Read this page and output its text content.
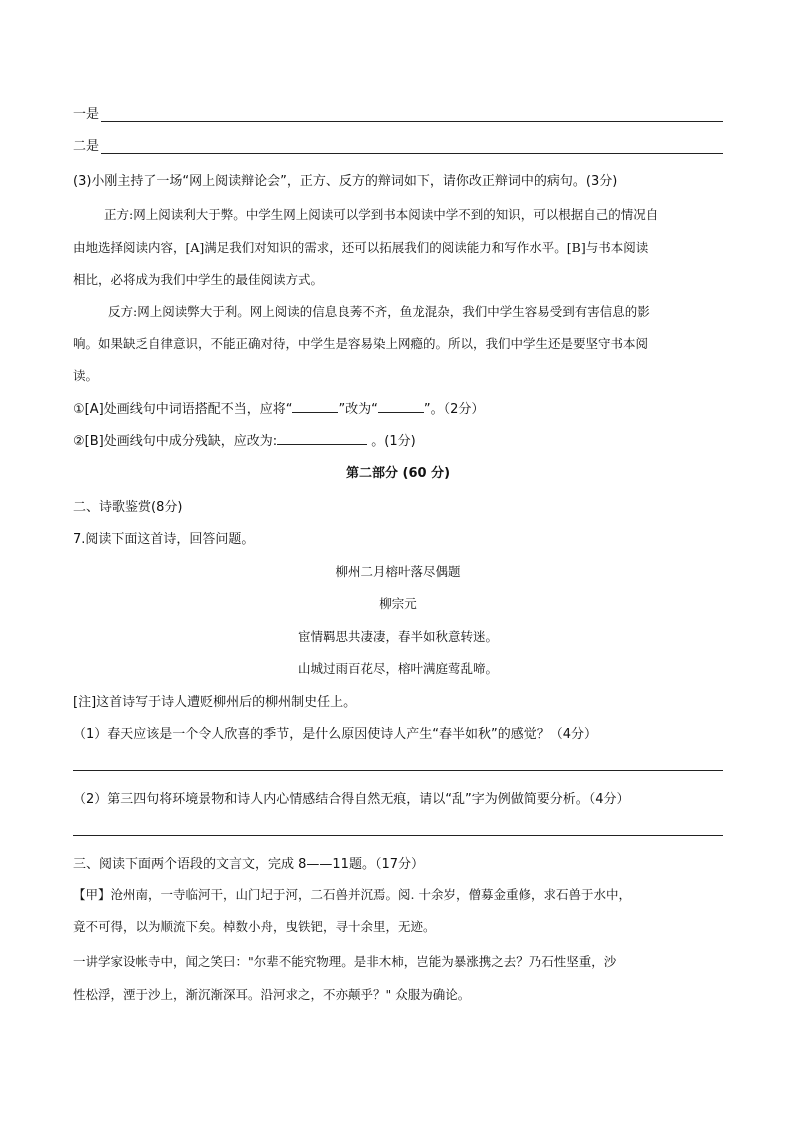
一是
二是
(3)小刚主持了一场“网上阅读辩论会”，正方、反方的辩词如下，请你改正辩词中的病句。(3分)
正方:网上阅读利大于弊。中学生网上阅读可以学到书本阅读中学不到的知识，可以根据自己的情况自
由地选择阅读内容，[A]满足我们对知识的需求，还可以拓展我们的阅读能力和写作水平。[B]与书本阅读
相比，必将成为我们中学生的最佳阅读方式。
反方:网上阅读弊大于利。网上阅读的信息良莠不齐，鱼龙混杂，我们中学生容易受到有害信息的影
响。如果缺乏自律意识，不能正确对待，中学生是容易染上网瘾的。所以，我们中学生还是要坚守书本阅
读。
①[A]处画线句中词语搭配不当，应将“	”改为“	”。（2分）
②[B]处画线句中成分残缺，应改为:	。(1分)
第二部分 (60 分)
二、诗歌鉴赏(8分)
7.阅读下面这首诗，回答问题。
柳州二月榕叶落尽偶题
柳宗元
宦情羁思共凄凄，春半如秋意转迷。
山城过雨百花尽，榕叶满庭莺乱啼。
[注]这首诗写于诗人遭贬柳州后的柳州制史任上。
（1）春天应该是一个令人欣喜的季节，是什么原因使诗人产生“春半如秋”的感觉？（4分）
（2）第三四句将环境景物和诗人内心情感结合得自然无痕，请以“乱”字为例做简要分析。（4分）
三、阅读下面两个语段的文言文，完成 8——11题。（17分）
【甲】沧州南，一寺临河干，山门圮于河，二石兽并沉焉。阅. 十余岁，僧募金重修，求石兽于水中，
竟不可得，以为顺流下矣。棹数小舟，曳铁钯，寻十余里，无迹。
一讲学家设帐寺中，闻之笑曰："尔辈不能究物理。是非木柿，岂能为暴涨携之去？乃石性坚重，沙
性松浮，湮于沙上，渐沉渐深耳。沿河求之，不亦颠乎？" 众服为确论。
